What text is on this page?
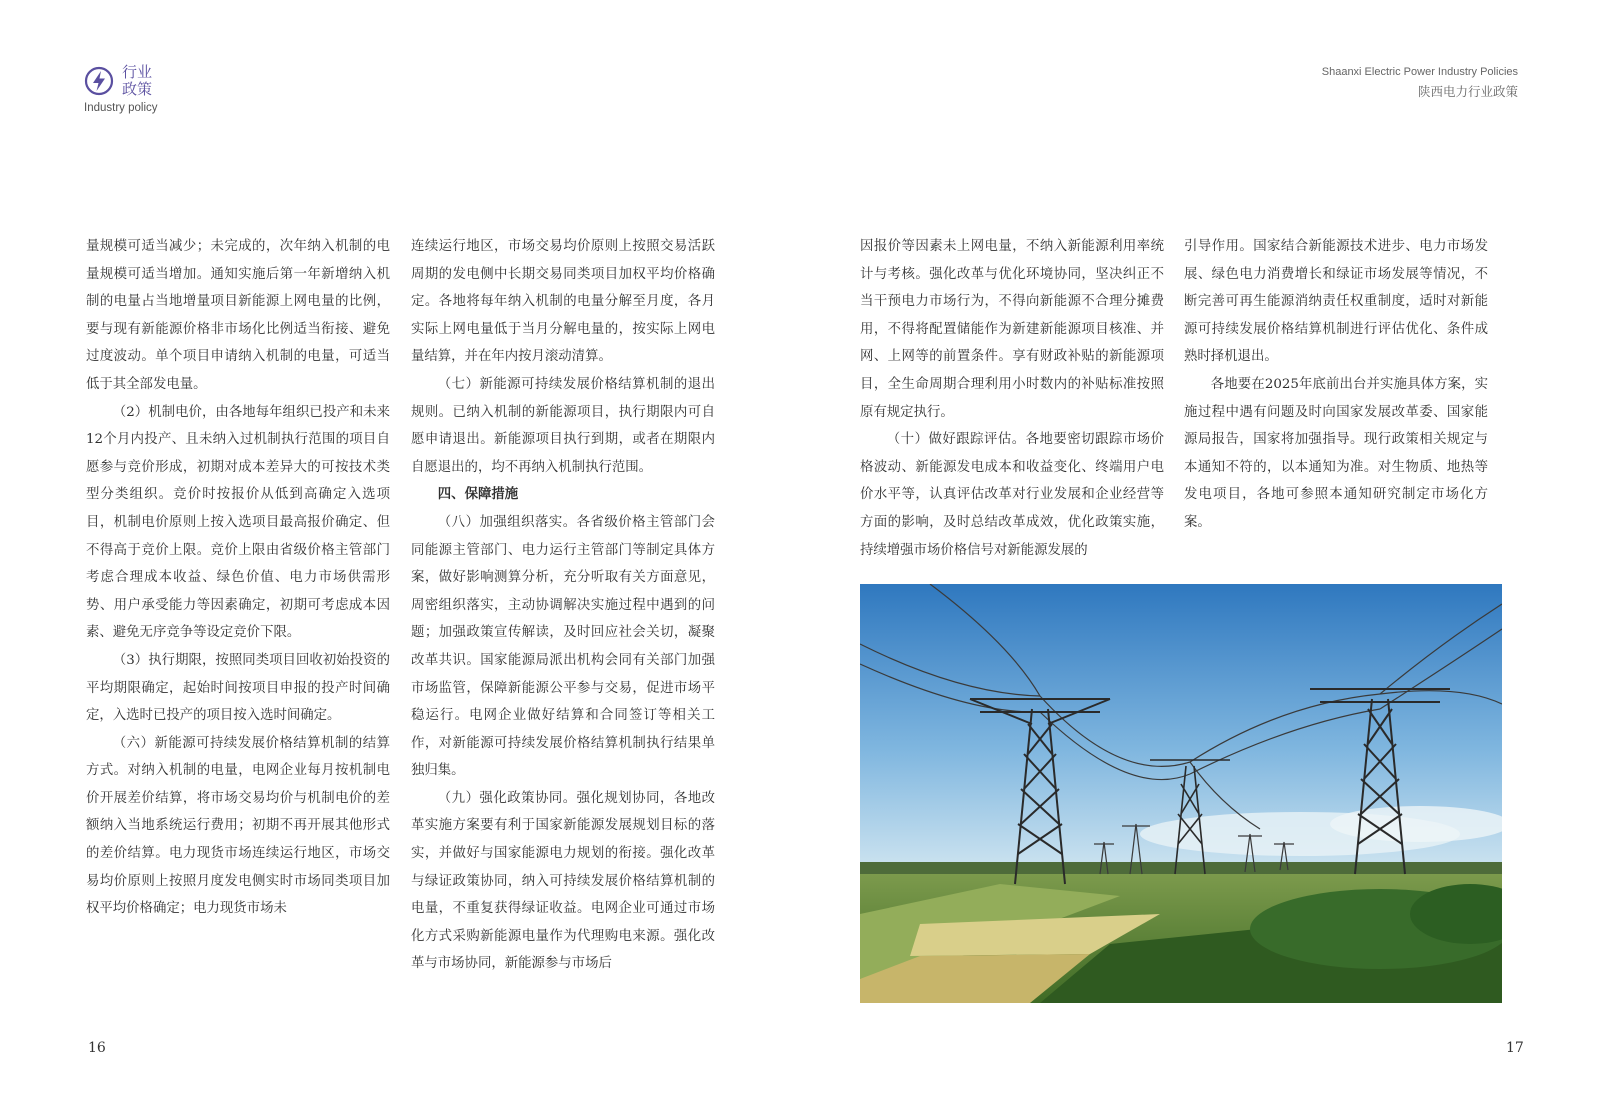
行业
政策
Industry policy
Shaanxi Electric Power Industry Policies
陕西电力行业政策

量规模可适当减少；未完成的，次年纳入机制的电量规模可适当增加。通知实施后第一年新增纳入机制的电量占当地增量项目新能源上网电量的比例，要与现有新能源价格非市场化比例适当衔接、避免过度波动。单个项目申请纳入机制的电量，可适当低于其全部发电量。

（2）机制电价，由各地每年组织已投产和未来12个月内投产、且未纳入过机制执行范围的项目自愿参与竞价形成，初期对成本差异大的可按技术类型分类组织。竞价时按报价从低到高确定入选项目，机制电价原则上按入选项目最高报价确定、但不得高于竞价上限。竞价上限由省级价格主管部门考虑合理成本收益、绿色价值、电力市场供需形势、用户承受能力等因素确定，初期可考虑成本因素、避免无序竞争等设定竞价下限。

（3）执行期限，按照同类项目回收初始投资的平均期限确定，起始时间按项目申报的投产时间确定，入选时已投产的项目按入选时间确定。

（六）新能源可持续发展价格结算机制的结算方式。对纳入机制的电量，电网企业每月按机制电价开展差价结算，将市场交易均价与机制电价的差额纳入当地系统运行费用；初期不再开展其他形式的差价结算。电力现货市场连续运行地区，市场交易均价原则上按照月度发电侧实时市场同类项目加权平均价格确定；电力现货市场未

连续运行地区，市场交易均价原则上按照交易活跃周期的发电侧中长期交易同类项目加权平均价格确定。各地将每年纳入机制的电量分解至月度，各月实际上网电量低于当月分解电量的，按实际上网电量结算，并在年内按月滚动清算。

（七）新能源可持续发展价格结算机制的退出规则。已纳入机制的新能源项目，执行期限内可自愿申请退出。新能源项目执行到期，或者在期限内自愿退出的，均不再纳入机制执行范围。

四、保障措施

（八）加强组织落实。各省级价格主管部门会同能源主管部门、电力运行主管部门等制定具体方案，做好影响测算分析，充分听取有关方面意见，周密组织落实，主动协调解决实施过程中遇到的问题；加强政策宣传解读，及时回应社会关切，凝聚改革共识。国家能源局派出机构会同有关部门加强市场监管，保障新能源公平参与交易，促进市场平稳运行。电网企业做好结算和合同签订等相关工作，对新能源可持续发展价格结算机制执行结果单独归集。

（九）强化政策协同。强化规划协同，各地改革实施方案要有利于国家新能源发展规划目标的落实，并做好与国家能源电力规划的衔接。强化改革与绿证政策协同，纳入可持续发展价格结算机制的电量，不重复获得绿证收益。电网企业可通过市场化方式采购新能源电量作为代理购电来源。强化改革与市场协同，新能源参与市场后

因报价等因素未上网电量，不纳入新能源利用率统计与考核。强化改革与优化环境协同，坚决纠正不当干预电力市场行为，不得向新能源不合理分摊费用，不得将配置储能作为新建新能源项目核准、并网、上网等的前置条件。享有财政补贴的新能源项目，全生命周期合理利用小时数内的补贴标准按照原有规定执行。

（十）做好跟踪评估。各地要密切跟踪市场价格波动、新能源发电成本和收益变化、终端用户电价水平等，认真评估改革对行业发展和企业经营等方面的影响，及时总结改革成效，优化政策实施，持续增强市场价格信号对新能源发展的

引导作用。国家结合新能源技术进步、电力市场发展、绿色电力消费增长和绿证市场发展等情况，不断完善可再生能源消纳责任权重制度，适时对新能源可持续发展价格结算机制进行评估优化、条件成熟时择机退出。

各地要在2025年底前出台并实施具体方案，实施过程中遇有问题及时向国家发展改革委、国家能源局报告，国家将加强指导。现行政策相关规定与本通知不符的，以本通知为准。对生物质、地热等发电项目，各地可参照本通知研究制定市场化方案。

16	17
